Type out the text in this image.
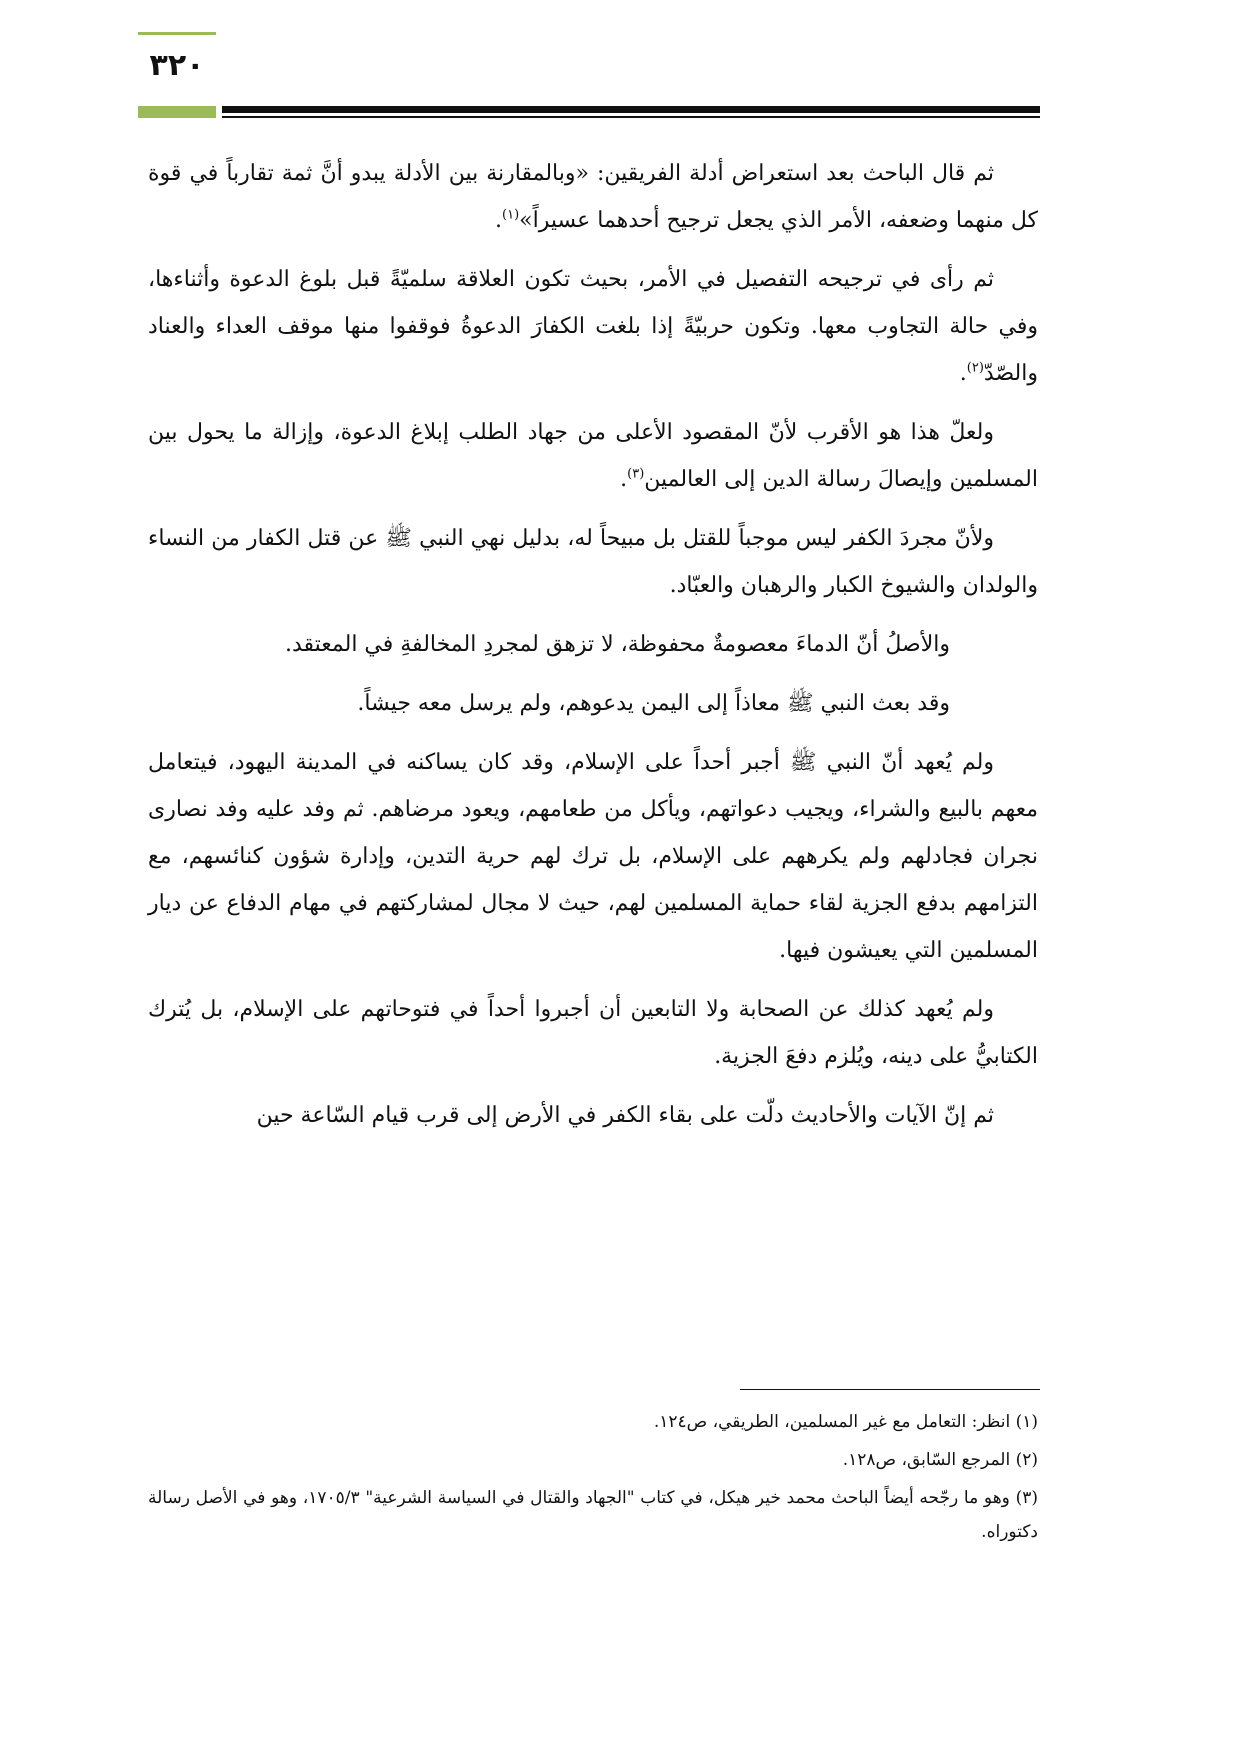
٣٢٠

ثم قال الباحث بعد استعراض أدلة الفريقين: «وبالمقارنة بين الأدلة يبدو أنَّ ثمة تقارباً في قوة كل منهما وضعفه، الأمر الذي يجعل ترجيح أحدهما عسيراً»$^{(١)}$.

ثم رأى في ترجيحه التفصيل في الأمر، بحيث تكون العلاقة سلميّةً قبل بلوغ الدعوة وأثناءها، وفي حالة التجاوب معها. وتكون حربيّةً إذا بلغت الكفارَ الدعوةُ فوقفوا منها موقف العداء والعناد والصّدّ$^{(٢)}$.

ولعلّ هذا هو الأقرب لأنّ المقصود الأعلى من جهاد الطلب إبلاغ الدعوة، وإزالة ما يحول بين المسلمين وإيصالَ رسالة الدين إلى العالمين$^{(٣)}$.

ولأنّ مجردَ الكفر ليس موجباً للقتل بل مبيحاً له، بدليل نهي النبي ﷺ عن قتل الكفار من النساء والولدان والشيوخ الكبار والرهبان والعبّاد.

والأصلُ أنّ الدماءَ معصومةٌ محفوظة، لا تزهق لمجردِ المخالفةِ في المعتقد.

وقد بعث النبي ﷺ معاذاً إلى اليمن يدعوهم، ولم يرسل معه جيشاً.

ولم يُعهد أنّ النبي ﷺ أجبر أحداً على الإسلام، وقد كان يساكنه في المدينة اليهود، فيتعامل معهم بالبيع والشراء، ويجيب دعواتهم، ويأكل من طعامهم، ويعود مرضاهم. ثم وفد عليه وفد نصارى نجران فجادلهم ولم يكرههم على الإسلام، بل ترك لهم حرية التدين، وإدارة شؤون كنائسهم، مع التزامهم بدفع الجزية لقاء حماية المسلمين لهم، حيث لا مجال لمشاركتهم في مهام الدفاع عن ديار المسلمين التي يعيشون فيها.

ولم يُعهد كذلك عن الصحابة ولا التابعين أن أجبروا أحداً في فتوحاتهم على الإسلام، بل يُترك الكتابيُّ على دينه، ويُلزم دفعَ الجزية.

ثم إنّ الآيات والأحاديث دلّت على بقاء الكفر في الأرض إلى قرب قيام السّاعة حين

(١) انظر: التعامل مع غير المسلمين، الطريقي، ص١٢٤.
(٢) المرجع السّابق، ص١٢٨.
(٣) وهو ما رجّحه أيضاً الباحث محمد خير هيكل، في كتاب "الجهاد والقتال في السياسة الشرعية" ١٧٠٥/٣، وهو في الأصل رسالة دكتوراه.
